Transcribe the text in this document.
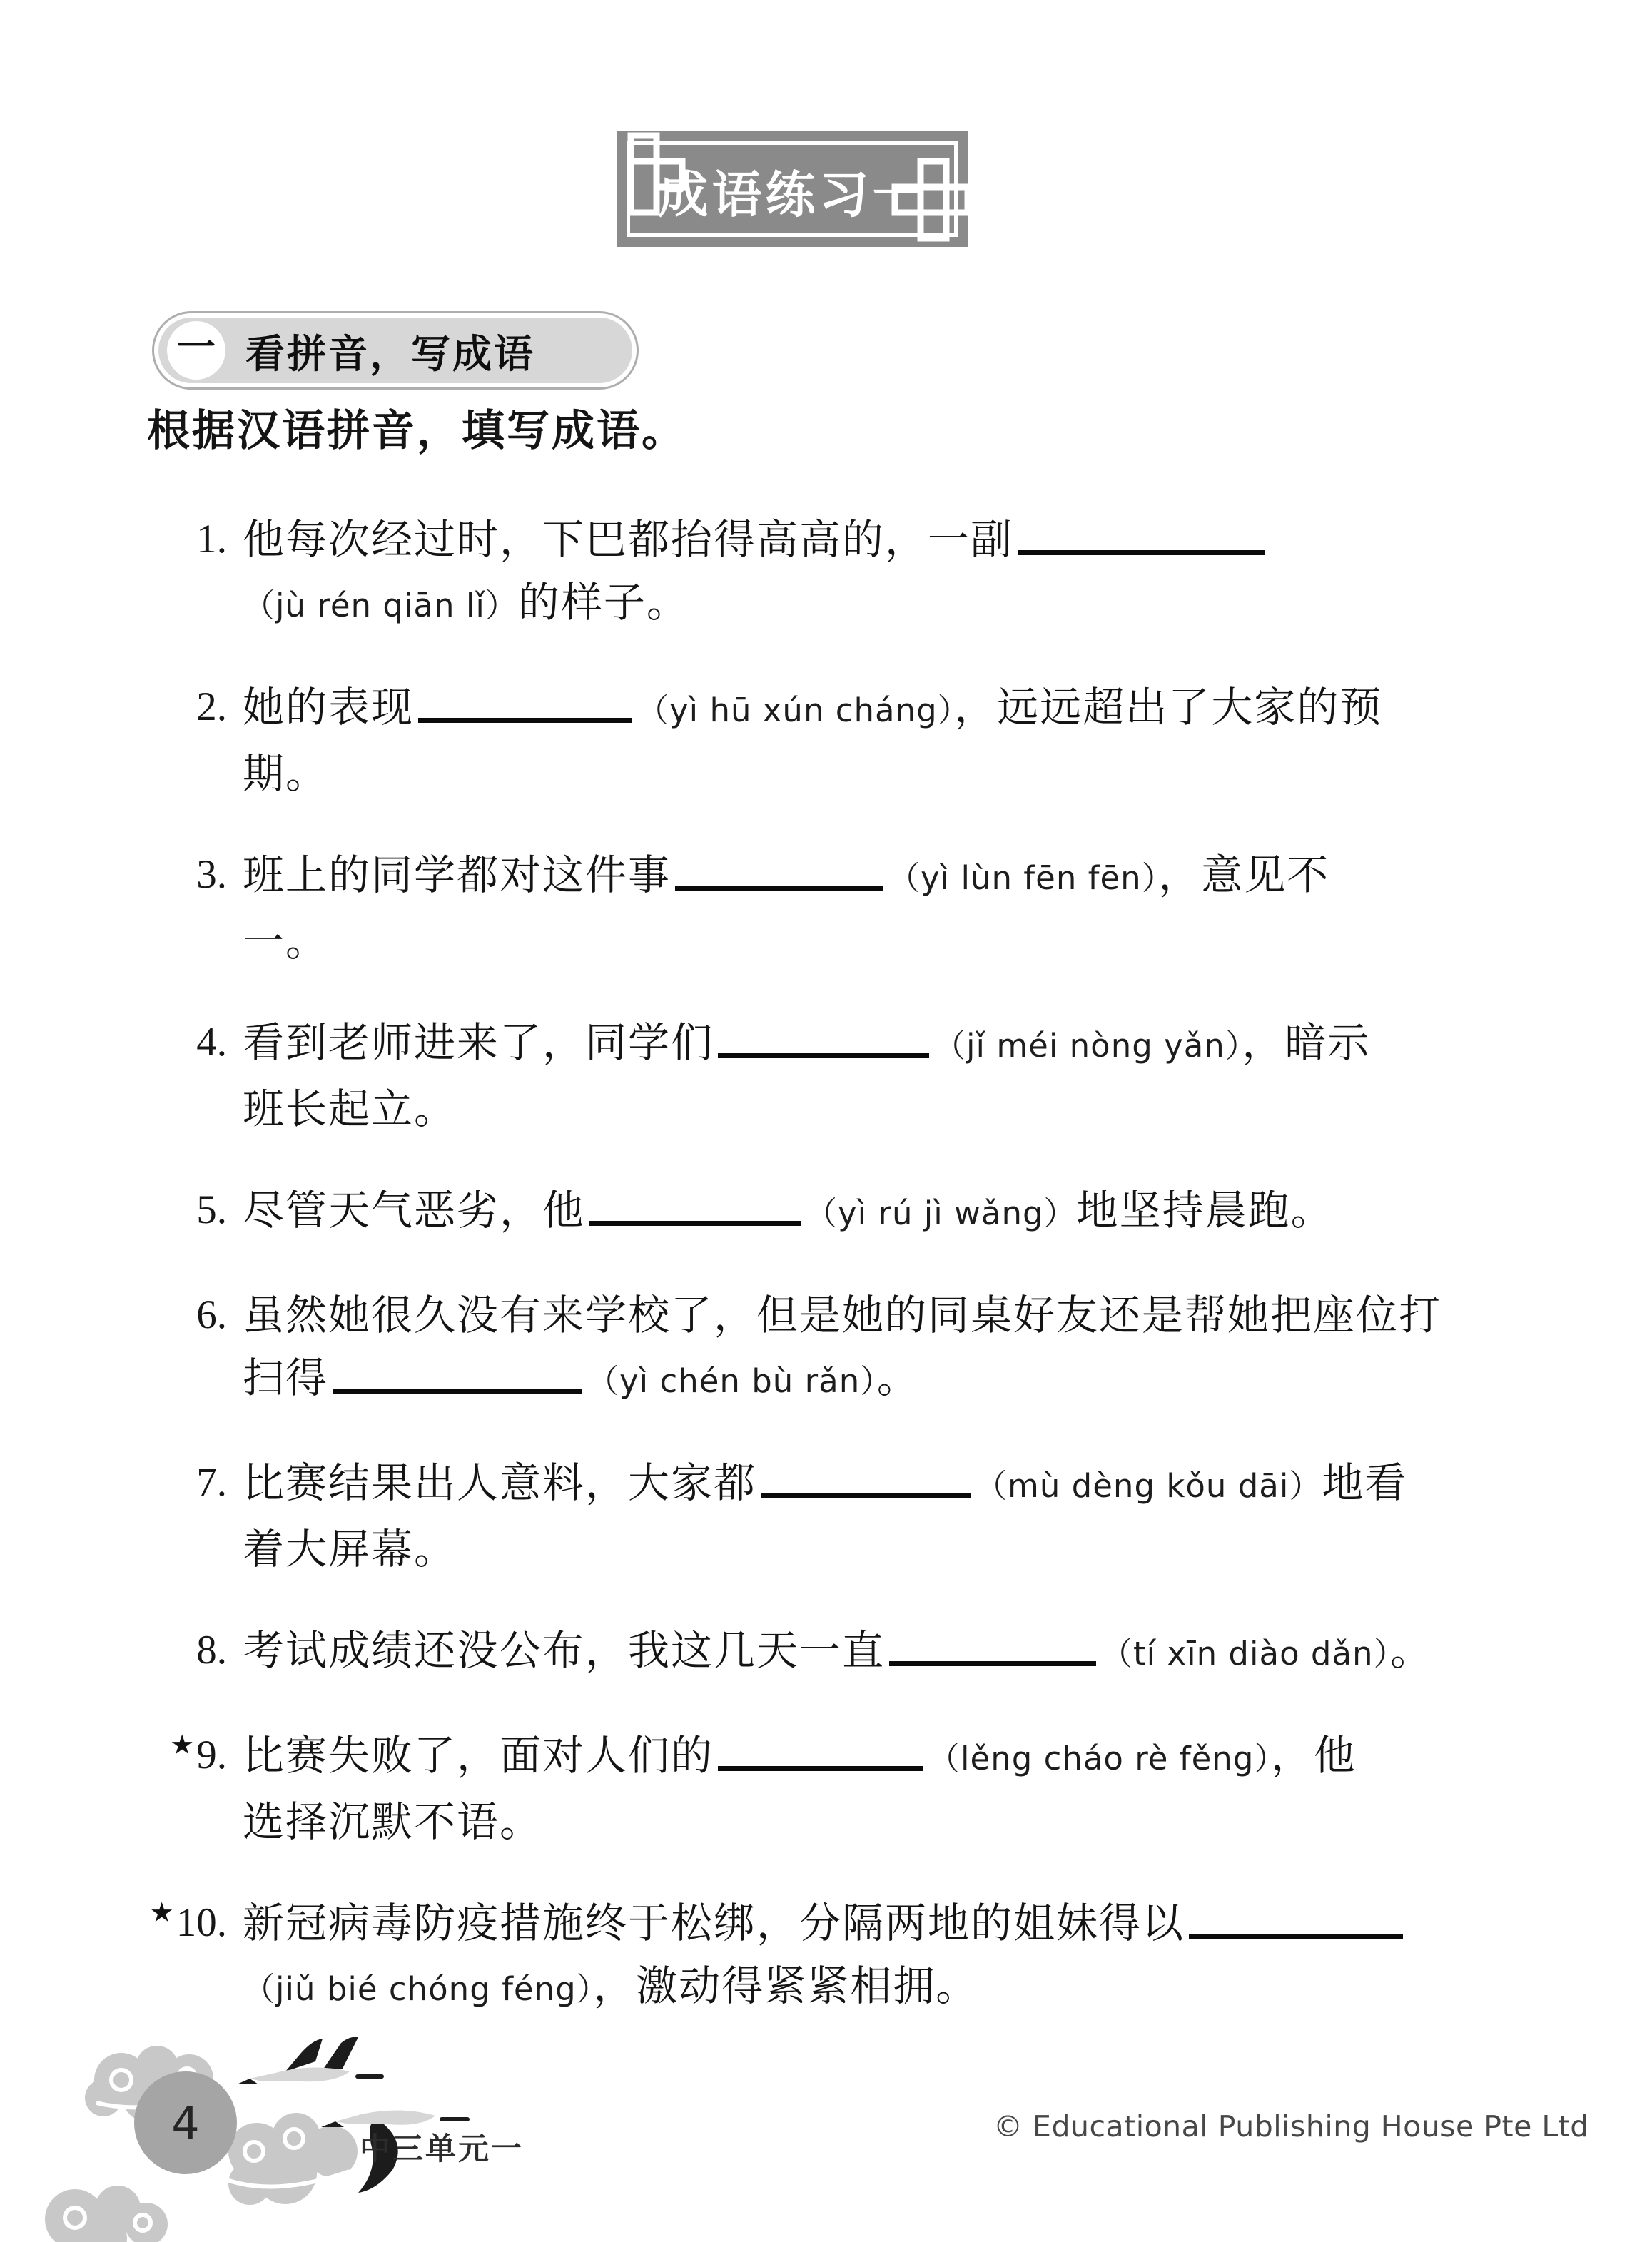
成语练习一
一 看拼音，写成语
根据汉语拼音，填写成语。
1. 他每次经过时，下巴都抬得高高的，一副
（jù rén qiān lǐ）的样子。
2. 她的表现	（yì hū xún cháng），远远超出了大家的预
期。
3. 班上的同学都对这件事	（yì lùn fēn fēn），意见不
一。
4. 看到老师进来了，同学们	（jǐ méi nòng yǎn），暗示
班长起立。
5. 尽管天气恶劣，他	（yì rú jì wǎng）地坚持晨跑。
6. 虽然她很久没有来学校了，但是她的同桌好友还是帮她把座位打
扫得	（yì chén bù rǎn）。
7. 比赛结果出人意料，大家都	（mù dèng kǒu dāi）地看
着大屏幕。
8. 考试成绩还没公布，我这几天一直	（tí xīn diào dǎn）。
★9. 比赛失败了，面对人们的	（lěng cháo rè fěng），他
选择沉默不语。
★10. 新冠病毒防疫措施终于松绑，分隔两地的姐妹得以
（jiǔ bié chóng féng），激动得紧紧相拥。
4
中三单元一
© Educational Publishing House Pte Ltd
